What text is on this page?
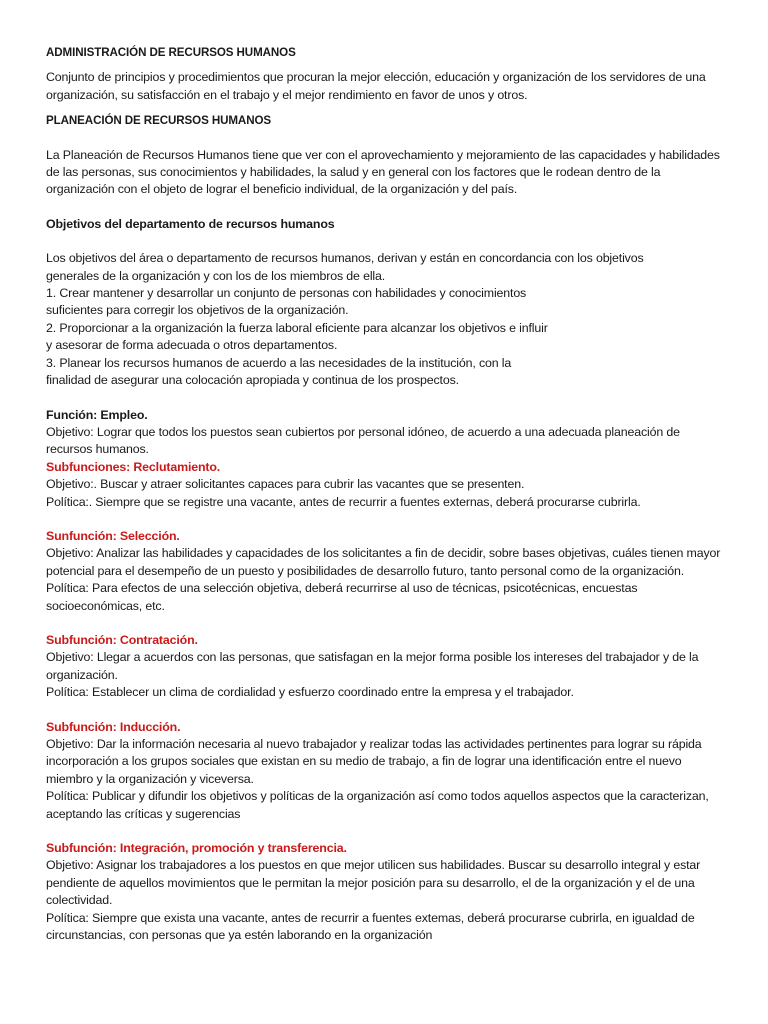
ADMINISTRACIÓN DE RECURSOS HUMANOS

Conjunto de principios y procedimientos que procuran la mejor elección, educación y organización de los servidores de una organización, su satisfacción en el trabajo y el mejor rendimiento en favor de unos y otros.

PLANEACIÓN DE RECURSOS HUMANOS

La Planeación de Recursos Humanos tiene que ver con el aprovechamiento y mejoramiento de las capacidades y habilidades de las personas, sus conocimientos y habilidades, la salud y en general con los factores que le rodean dentro de la organización con el objeto de lograr el beneficio individual, de la organización y del país.

Objetivos del departamento de recursos humanos

Los objetivos del área o departamento de recursos humanos, derivan y están en concordancia con los objetivos

generales de la organización y con los de los miembros de ella.

1. Crear mantener y desarrollar un conjunto de personas con habilidades y conocimientos

suficientes para corregir los objetivos de la organización.

2. Proporcionar a la organización la fuerza laboral eficiente para alcanzar los objetivos e influir

y asesorar de forma adecuada o otros departamentos.

3. Planear los recursos humanos de acuerdo a las necesidades de la institución, con la

finalidad de asegurar una colocación apropiada y continua de los prospectos.

Función: Empleo.

Objetivo: Lograr que todos los puestos sean cubiertos por personal idóneo, de acuerdo a una adecuada planeación de recursos humanos.

Subfunciones: Reclutamiento.

Objetivo:. Buscar y atraer solicitantes capaces para cubrir las vacantes que se presenten.

Política:. Siempre que se registre una vacante, antes de recurrir a fuentes externas, deberá procurarse cubrirla.

Sunfunción: Selección.

Objetivo: Analizar las habilidades y capacidades de los solicitantes a fin de decidir, sobre bases objetivas, cuáles tienen mayor potencial para el desempeño de un puesto y posibilidades de desarrollo futuro, tanto personal como de la organización.

Política: Para efectos de una selección objetiva, deberá recurrirse al uso de técnicas, psicotécnicas, encuestas socioeconómicas, etc.

Subfunción: Contratación.

Objetivo: Llegar a acuerdos con las personas, que satisfagan en la mejor forma posible los intereses del trabajador y de la organización.

Política: Establecer un clima de cordialidad y esfuerzo coordinado entre la empresa y el trabajador.

Subfunción: Inducción.

Objetivo: Dar la información necesaria al nuevo trabajador y realizar todas las actividades pertinentes para lograr su rápida incorporación a los grupos sociales que existan en su medio de trabajo, a fin de lograr una identificación entre el nuevo miembro y la organización y viceversa.

Política: Publicar y difundir los objetivos y políticas de la organización así como todos aquellos aspectos que la caracterizan, aceptando las críticas y sugerencias

Subfunción: Integración, promoción y transferencia.

Objetivo: Asignar los trabajadores a los puestos en que mejor utilicen sus habilidades. Buscar su desarrollo integral y estar pendiente de aquellos movimientos que le permitan la mejor posición para su desarrollo, el de la organización y el de una colectividad.

Política: Siempre que exista una vacante, antes de recurrir a fuentes extemas, deberá procurarse cubrirla, en igualdad de circunstancias, con personas que ya estén laborando en la organización
